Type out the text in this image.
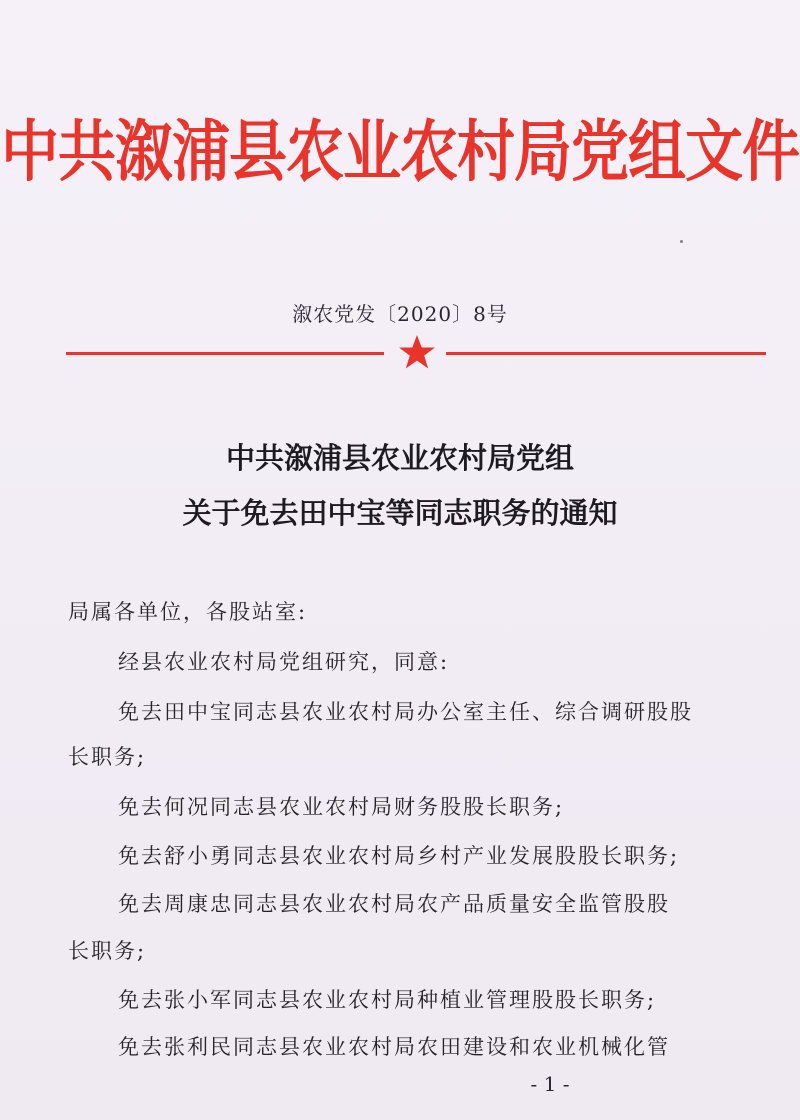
中共溆浦县农业农村局党组文件
溆农党发〔2020〕8号
中共溆浦县农业农村局党组
关于免去田中宝等同志职务的通知
局属各单位，各股站室:
经县农业农村局党组研究，同意:
免去田中宝同志县农业农村局办公室主任、综合调研股股
长职务;
免去何况同志县农业农村局财务股股长职务;
免去舒小勇同志县农业农村局乡村产业发展股股长职务;
免去周康忠同志县农业农村局农产品质量安全监管股股
长职务;
免去张小军同志县农业农村局种植业管理股股长职务;
免去张利民同志县农业农村局农田建设和农业机械化管
- 1 -
